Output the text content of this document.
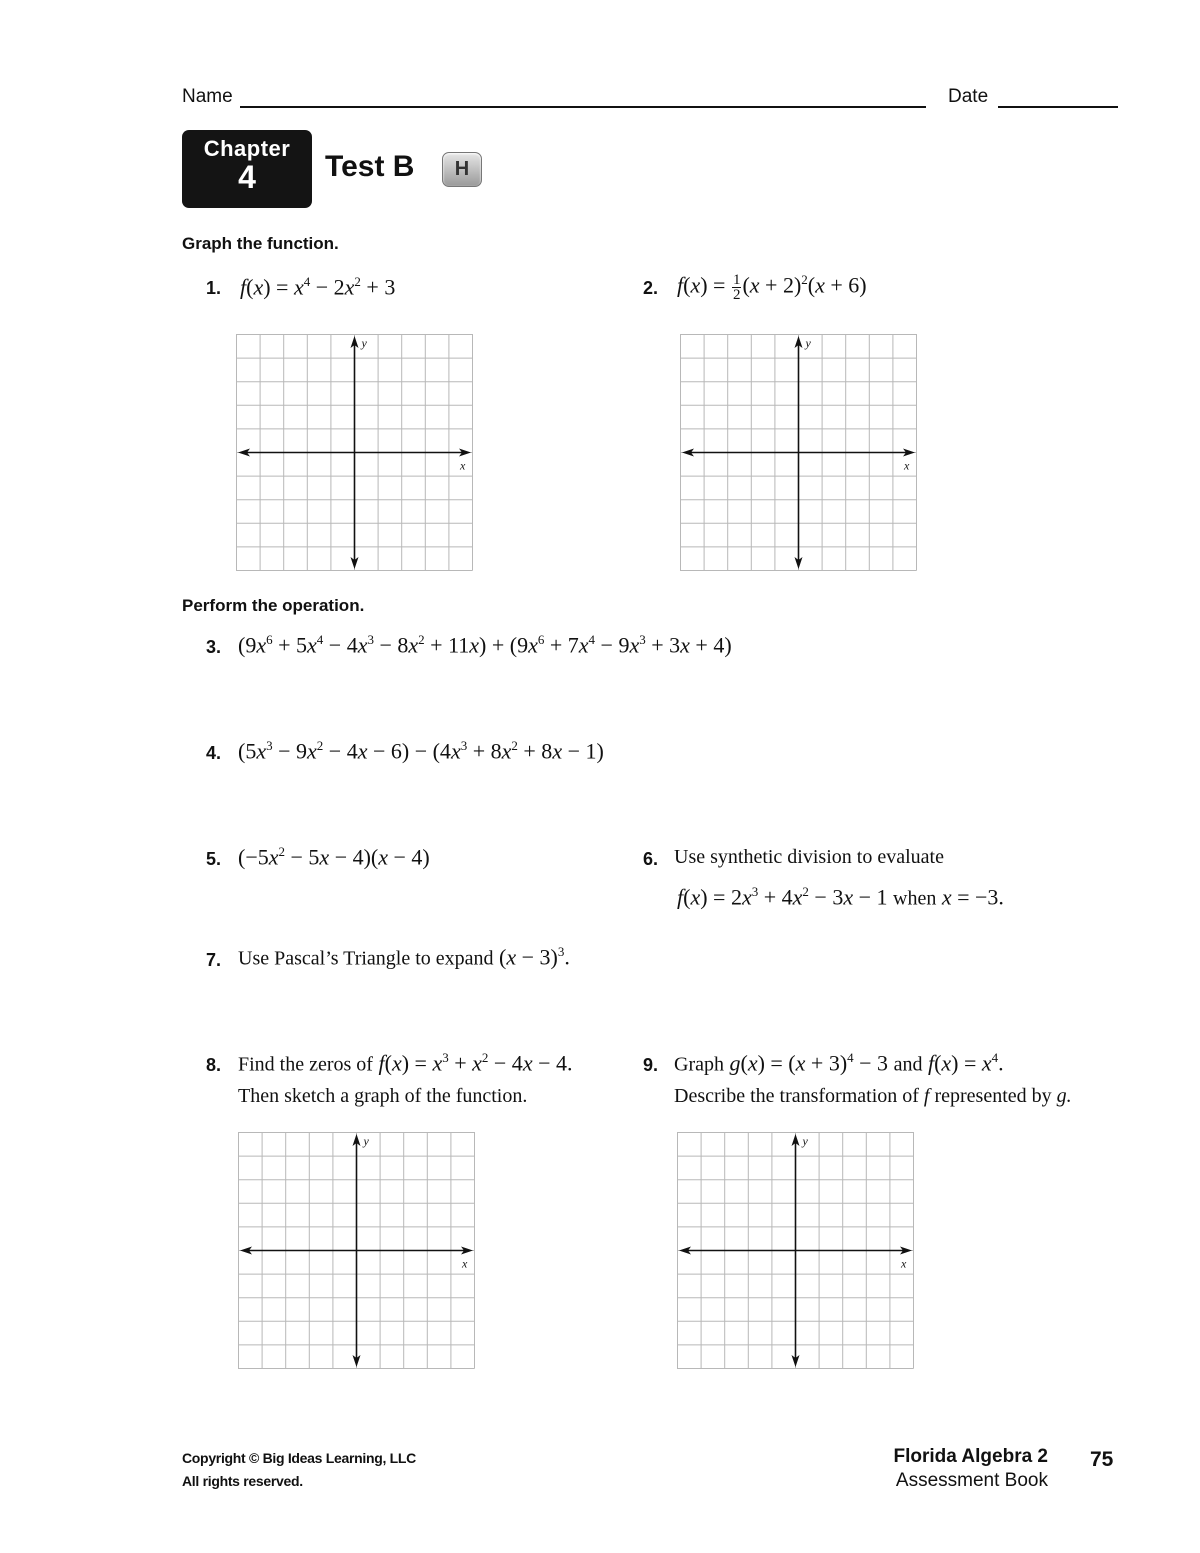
Name	Date
Chapter
4	Test B	H
Graph the function.
1. $f(x) = x^4 - 2x^2 + 3$	2. $f(x) = \frac{1}{2} (x + 2)^2(x + 6)$
x
y
x
y
Perform the operation.
3. $(9x^6 + 5x^4 - 4x^3 - 8x^2 + 11x) + (9x^6 + 7x^4 - 9x^3 + 3x + 4)$
4. $(5x^3 - 9x^2 - 4x - 6) - (4x^3 + 8x^2 + 8x - 1)$
5. $(-5x^2 - 5x - 4)(x - 4)$	6. Use synthetic division to evaluate
$f(x) = 2x^3 + 4x^2 - 3x - 1$ when x = −3.
7. Use Pascal’s Triangle to expand $(x - 3)^3$.
8. Find the zeros of $f(x) = x^3 + x^2 - 4x - 4$.
Then sketch a graph of the function.
9. Graph $g(x) = (x + 3)^4 - 3$ and $f(x) = x^4$.
Describe the transformation of f represented by g.
x
y
x
y
Copyright © Big Ideas Learning, LLC
All rights reserved.
Florida Algebra 2
Assessment Book
75
